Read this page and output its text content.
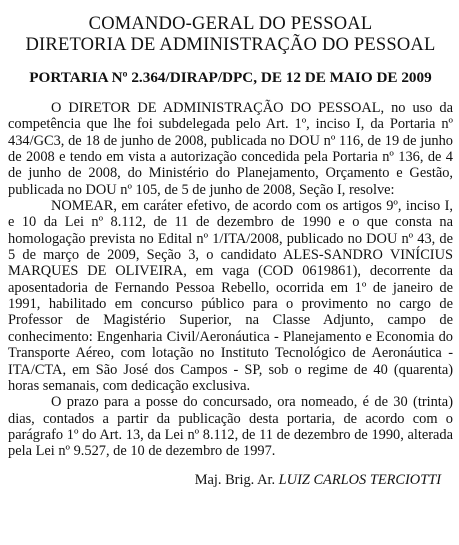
COMANDO-GERAL DO PESSOAL
DIRETORIA DE ADMINISTRAÇÃO DO PESSOAL
PORTARIA Nº 2.364/DIRAP/DPC, DE 12 DE MAIO DE 2009

O DIRETOR DE ADMINISTRAÇÃO DO PESSOAL, no uso da competência que lhe foi subdelegada pelo Art. 1º, inciso I, da Portaria nº 434/GC3, de 18 de junho de 2008, publicada no DOU nº 116, de 19 de junho de 2008 e tendo em vista a autorização concedida pela Portaria nº 136, de 4 de junho de 2008, do Ministério do Planejamento, Orçamento e Gestão, publicada no DOU nº 105, de 5 de junho de 2008, Seção I, resolve:

NOMEAR, em caráter efetivo, de acordo com os artigos 9º, inciso I, e 10 da Lei nº 8.112, de 11 de dezembro de 1990 e o que consta na homologação prevista no Edital nº 1/ITA/2008, publicado no DOU nº 43, de 5 de março de 2009, Seção 3, o candidato ALES-SANDRO VINÍCIUS MARQUES DE OLIVEIRA, em vaga (COD 0619861), decorrente da aposentadoria de Fernando Pessoa Rebello, ocorrida em 1º de janeiro de 1991, habilitado em concurso público para o provimento no cargo de Professor de Magistério Superior, na Classe Adjunto, campo de conhecimento: Engenharia Civil/Aeronáutica - Planejamento e Economia do Transporte Aéreo, com lotação no Instituto Tecnológico de Aeronáutica - ITA/CTA, em São José dos Campos - SP, sob o regime de 40 (quarenta) horas semanais, com dedicação exclusiva.

O prazo para a posse do concursado, ora nomeado, é de 30 (trinta) dias, contados a partir da publicação desta portaria, de acordo com o parágrafo 1º do Art. 13, da Lei nº 8.112, de 11 de dezembro de 1990, alterada pela Lei nº 9.527, de 10 de dezembro de 1997.

Maj. Brig. Ar. LUIZ CARLOS TERCIOTTI
